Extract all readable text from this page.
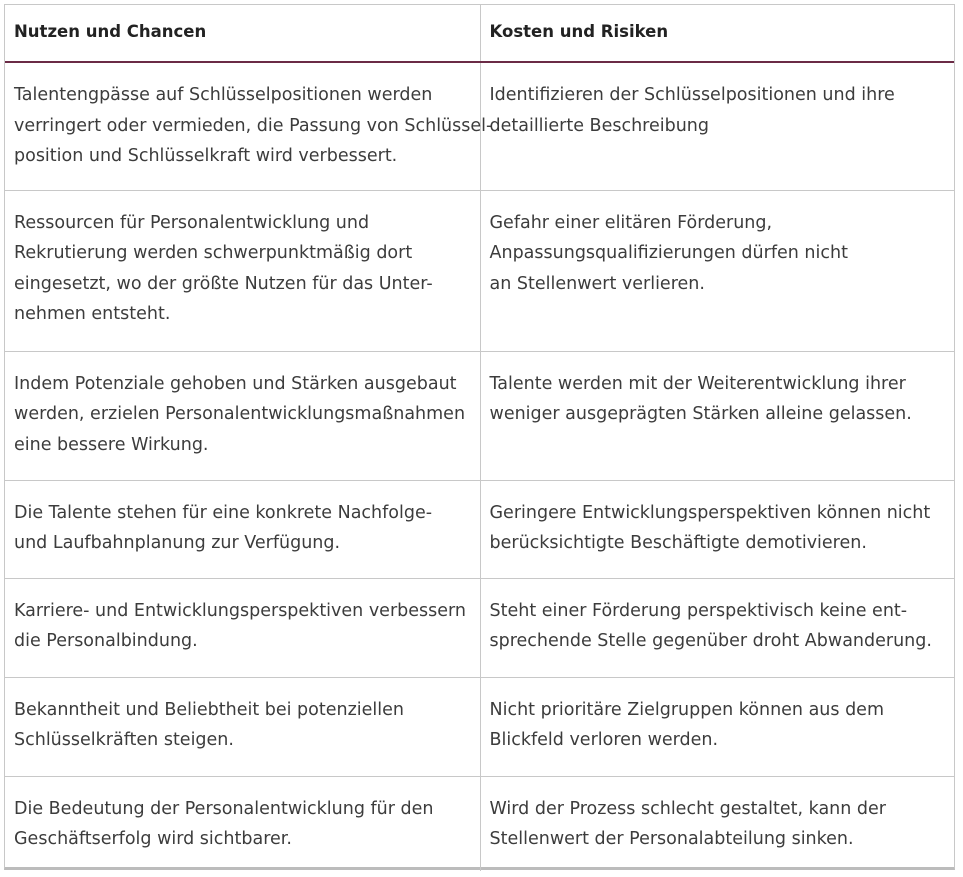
Nutzen und Chancen	Kosten und Risiken

Talentengpässe auf Schlüsselpositionen werden
verringert oder vermieden, die Passung von Schlüssel-
position und Schlüsselkraft wird verbessert.	Identifizieren der Schlüsselpositionen und ihre
detaillierte Beschreibung

Ressourcen für Personalentwicklung und
Rekrutierung werden schwerpunktmäßig dort
eingesetzt, wo der größte Nutzen für das Unter-
nehmen entsteht.	Gefahr einer elitären Förderung,
Anpassungsqualifizierungen dürfen nicht
an Stellenwert verlieren.

Indem Potenziale gehoben und Stärken ausgebaut
werden, erzielen Personalentwicklungsmaßnahmen
eine bessere Wirkung.	Talente werden mit der Weiterentwicklung ihrer
weniger ausgeprägten Stärken alleine gelassen.

Die Talente stehen für eine konkrete Nachfolge-
und Laufbahnplanung zur Verfügung.	Geringere Entwicklungsperspektiven können nicht
berücksichtigte Beschäftigte demotivieren.

Karriere- und Entwicklungsperspektiven verbessern
die Personalbindung.	Steht einer Förderung perspektivisch keine ent-
sprechende Stelle gegenüber droht Abwanderung.

Bekanntheit und Beliebtheit bei potenziellen
Schlüsselkräften steigen.	Nicht prioritäre Zielgruppen können aus dem
Blickfeld verloren werden.

Die Bedeutung der Personalentwicklung für den
Geschäftserfolg wird sichtbarer.	Wird der Prozess schlecht gestaltet, kann der
Stellenwert der Personalabteilung sinken.
